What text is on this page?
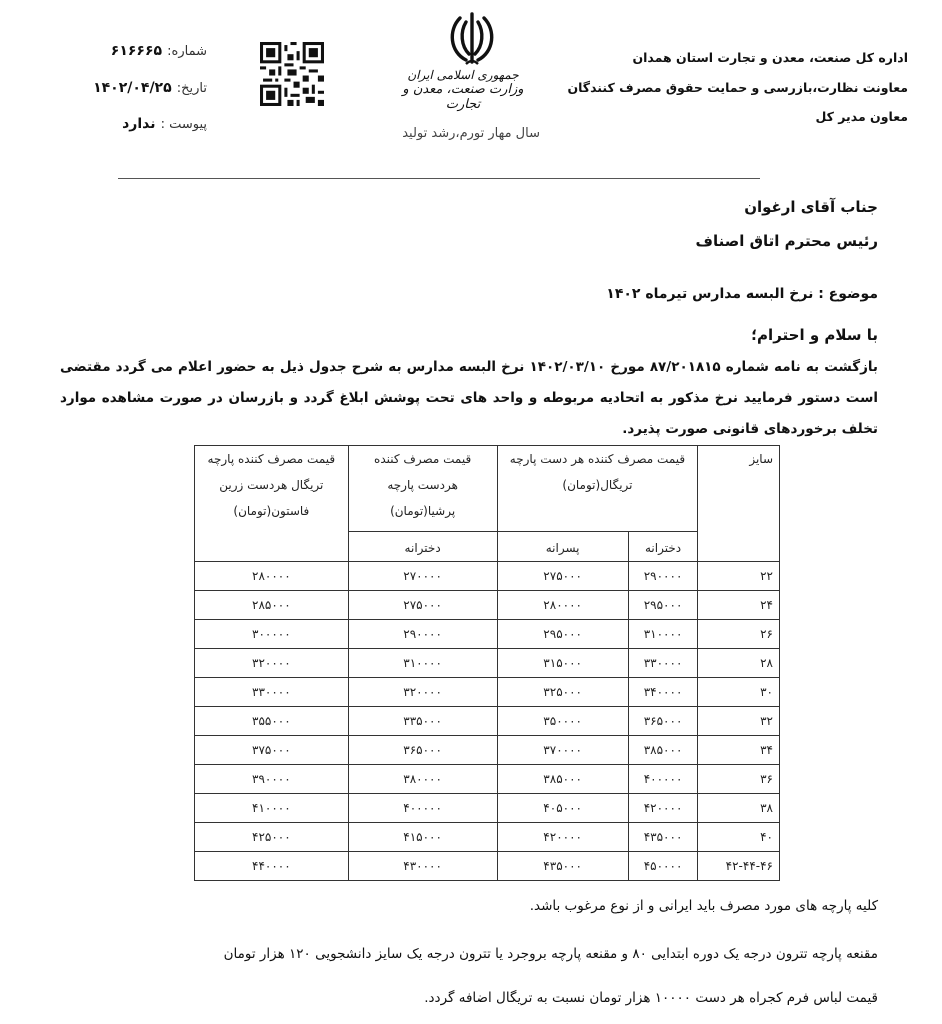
شماره: ۶۱۶۶۶۵
تاریخ: ۱۴۰۲/۰۴/۲۵
پیوست : ندارد
جمهوری اسلامی ایران
وزارت صنعت، معدن و تجارت
سال مهار تورم،رشد تولید
اداره کل صنعت، معدن و تجارت استان همدان
معاونت نظارت،بازرسی و حمایت حقوق مصرف کنندگان
معاون مدیر کل
جناب آقای ارغوان
رئیس محترم اتاق اصناف
موضوع : نرخ البسه مدارس تیرماه ۱۴۰۲
با سلام و احترام؛
بازگشت به نامه شماره ۸۷/۲۰۱۸۱۵ مورخ ۱۴۰۲/۰۳/۱۰ نرخ البسه مدارس به شرح جدول ذیل به حضور اعلام می گردد مقتضی است دستور فرمایید نرخ مذکور به اتحادیه مربوطه و واحد های تحت پوشش ابلاغ گردد و بازرسان در صورت مشاهده موارد تخلف برخوردهای قانونی صورت پذیرد.
سایز	قیمت مصرف کننده هر دست پارچه تریگال(تومان)		قیمت مصرف کننده هردست پارچه پرشیا(تومان)	قیمت مصرف کننده پارچه تریگال هردست زرین فاستون(تومان)
	دخترانه	پسرانه	دخترانه	
۲۲	۲۹۰۰۰۰	۲۷۵۰۰۰	۲۷۰۰۰۰	۲۸۰۰۰۰
۲۴	۲۹۵۰۰۰	۲۸۰۰۰۰	۲۷۵۰۰۰	۲۸۵۰۰۰
۲۶	۳۱۰۰۰۰	۲۹۵۰۰۰	۲۹۰۰۰۰	۳۰۰۰۰۰
۲۸	۳۳۰۰۰۰	۳۱۵۰۰۰	۳۱۰۰۰۰	۳۲۰۰۰۰
۳۰	۳۴۰۰۰۰	۳۲۵۰۰۰	۳۲۰۰۰۰	۳۳۰۰۰۰
۳۲	۳۶۵۰۰۰	۳۵۰۰۰۰	۳۳۵۰۰۰	۳۵۵۰۰۰
۳۴	۳۸۵۰۰۰	۳۷۰۰۰۰	۳۶۵۰۰۰	۳۷۵۰۰۰
۳۶	۴۰۰۰۰۰	۳۸۵۰۰۰	۳۸۰۰۰۰	۳۹۰۰۰۰
۳۸	۴۲۰۰۰۰	۴۰۵۰۰۰	۴۰۰۰۰۰	۴۱۰۰۰۰
۴۰	۴۳۵۰۰۰	۴۲۰۰۰۰	۴۱۵۰۰۰	۴۲۵۰۰۰
۴۲-۴۴-۴۶	۴۵۰۰۰۰	۴۳۵۰۰۰	۴۳۰۰۰۰	۴۴۰۰۰۰
کلیه پارچه های مورد مصرف باید ایرانی و از نوع مرغوب باشد.
مقنعه پارچه تترون درجه یک دوره ابتدایی ۸۰ و مقنعه پارچه بروجرد یا تترون درجه یک سایز دانشجویی ۱۲۰ هزار تومان
قیمت لباس فرم کجراه هر دست ۱۰۰۰۰ هزار تومان نسبت به تریگال اضافه گردد.
